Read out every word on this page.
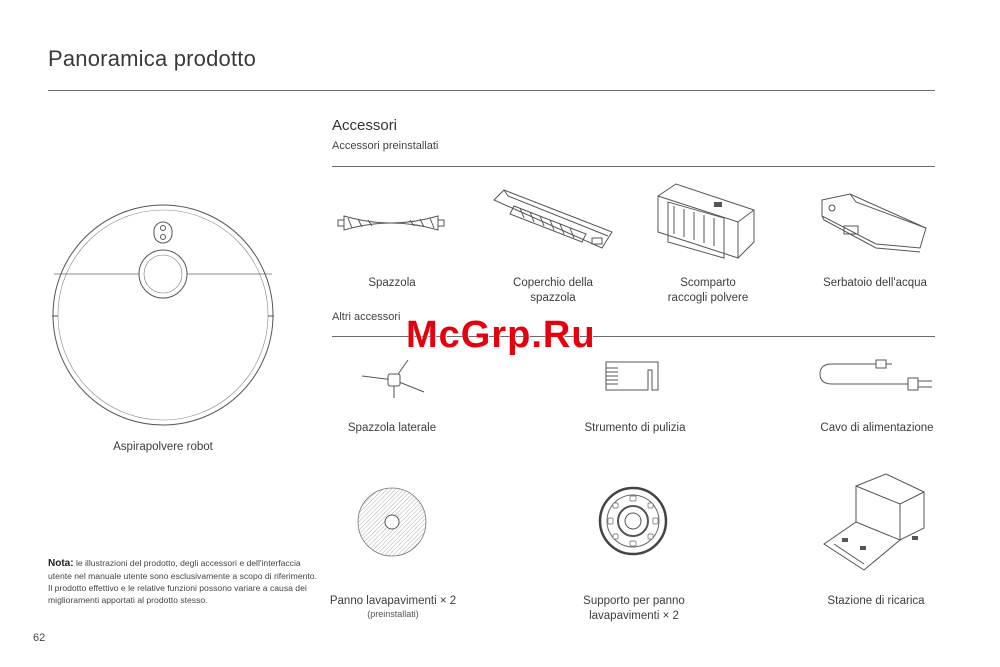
Panoramica prodotto
Aspirapolvere robot
Accessori
Accessori preinstallati
Spazzola	Coperchio della
spazzola
Scomparto
raccogli polvere
Serbatoio dell'acqua
Altri accessori
Spazzola laterale	Strumento di pulizia	Cavo di alimentazione
Panno lavapavimenti × 2
(preinstallati)
Supporto per panno
lavapavimenti × 2
Stazione di ricarica
Nota: le illustrazioni del prodotto, degli accessori e dell'interfaccia utente nel manuale utente sono esclusivamente a scopo di riferimento. Il prodotto effettivo e le relative funzioni possono variare a causa dei miglioramenti apportati al prodotto stesso.
62
McGrp.Ru
